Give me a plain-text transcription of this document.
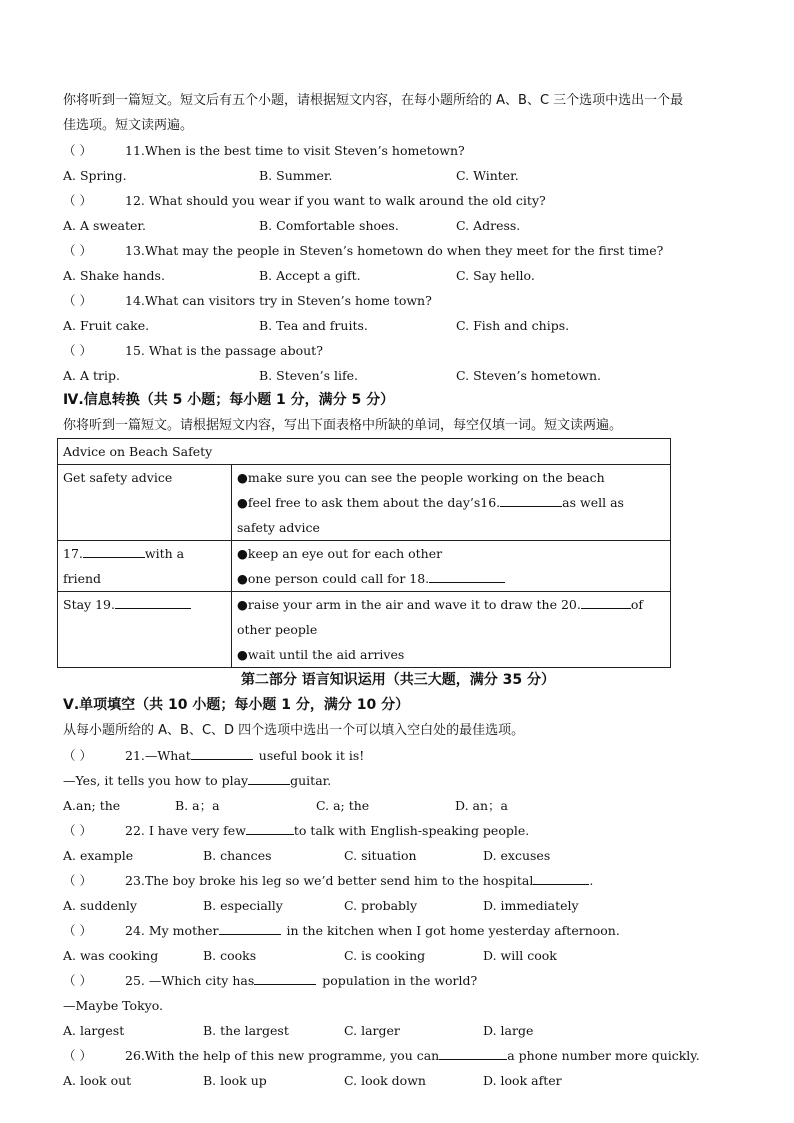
你将听到一篇短文。短文后有五个小题，请根据短文内容，在每小题所给的 A、B、C 三个选项中选出一个最
佳选项。短文读两遍。
（ ）	11.When is the best time to visit Steven’s hometown?
A. Spring.	B. Summer.	C. Winter.
（ ）	12. What should you wear if you want to walk around the old city?
A. A sweater.	B. Comfortable shoes.	C. Adress.
（ ）	13.What may the people in Steven’s hometown do when they meet for the first time?
A. Shake hands.	B. Accept a gift.	C. Say hello.
（ ）	14.What can visitors try in Steven’s home town?
A. Fruit cake.	B. Tea and fruits.	C. Fish and chips.
（ ）	15. What is the passage about?
A. A trip.	B. Steven’s life.	C. Steven’s hometown.
Ⅳ.信息转换（共 5 小题；每小题 1 分，满分 5 分）
你将听到一篇短文。请根据短文内容，写出下面表格中所缺的单词，每空仅填一词。短文读两遍。
Advice on Beach Safety	
Get safety advice	●make sure you can see the people working on the beach
●feel free to ask them about the day’s16. as well as safety advice

17. with a friend	●keep an eye out for each other
●one person could call for 18.

Stay 19.	●raise your arm in the air and wave it to draw the 20. of other people
●wait until the aid arrives
第二部分 语言知识运用（共三大题，满分 35 分）
Ⅴ.单项填空（共 10 小题；每小题 1 分，满分 10 分）
从每小题所给的 A、B、C、D 四个选项中选出一个可以填入空白处的最佳选项。
（ ）	21.—What	useful book it is!
—Yes, it tells you how to play	guitar.
A.an; the	B. a；a	C. a; the	D. an；a
（ ）	22. I have very few	to talk with English-speaking people.
A. example	B. chances	C. situation	D. excuses
（ ）	23.The boy broke his leg so we’d better send him to the hospital	.
A. suddenly	B. especially	C. probably	D. immediately
（ ）	24. My mother	in the kitchen when I got home yesterday afternoon.
A. was cooking	B. cooks	C. is cooking	D. will cook
（ ）	25. —Which city has	population in the world?
—Maybe Tokyo.
A. largest	B. the largest	C. larger	D. large
（ ）	26.With the help of this new programme, you can	a phone number more quickly.
A. look out	B. look up	C. look down	D. look after
